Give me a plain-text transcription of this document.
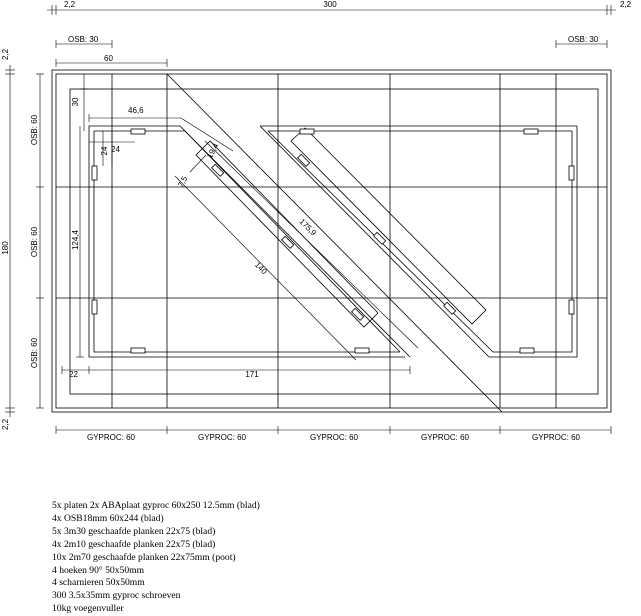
2,2	300	2,2
OSB: 30	OSB: 30
60
46,6
2,2
180
2,2
OSB: 60
OSB: 60
OSB: 60
30
124,4
24 24
22	171
19,4
7,5
175,9
140
GYPROC: 60	GYPROC: 60	GYPROC: 60	GYPROC: 60	GYPROC: 60
5x platen 2x ABAplaat gyproc 60x250 12.5mm (blad)
4x OSB18mm 60x244 (blad)
5x 3m30 geschaafde planken 22x75 (blad)
4x 2m10 geschaafde planken 22x75 (blad)
10x 2m70 geschaafde planken 22x75mm (poot)
4 hoeken 90° 50x50mm
4 scharnieren 50x50mm
300 3.5x35mm gyproc schroeven
10kg voegenvuller
